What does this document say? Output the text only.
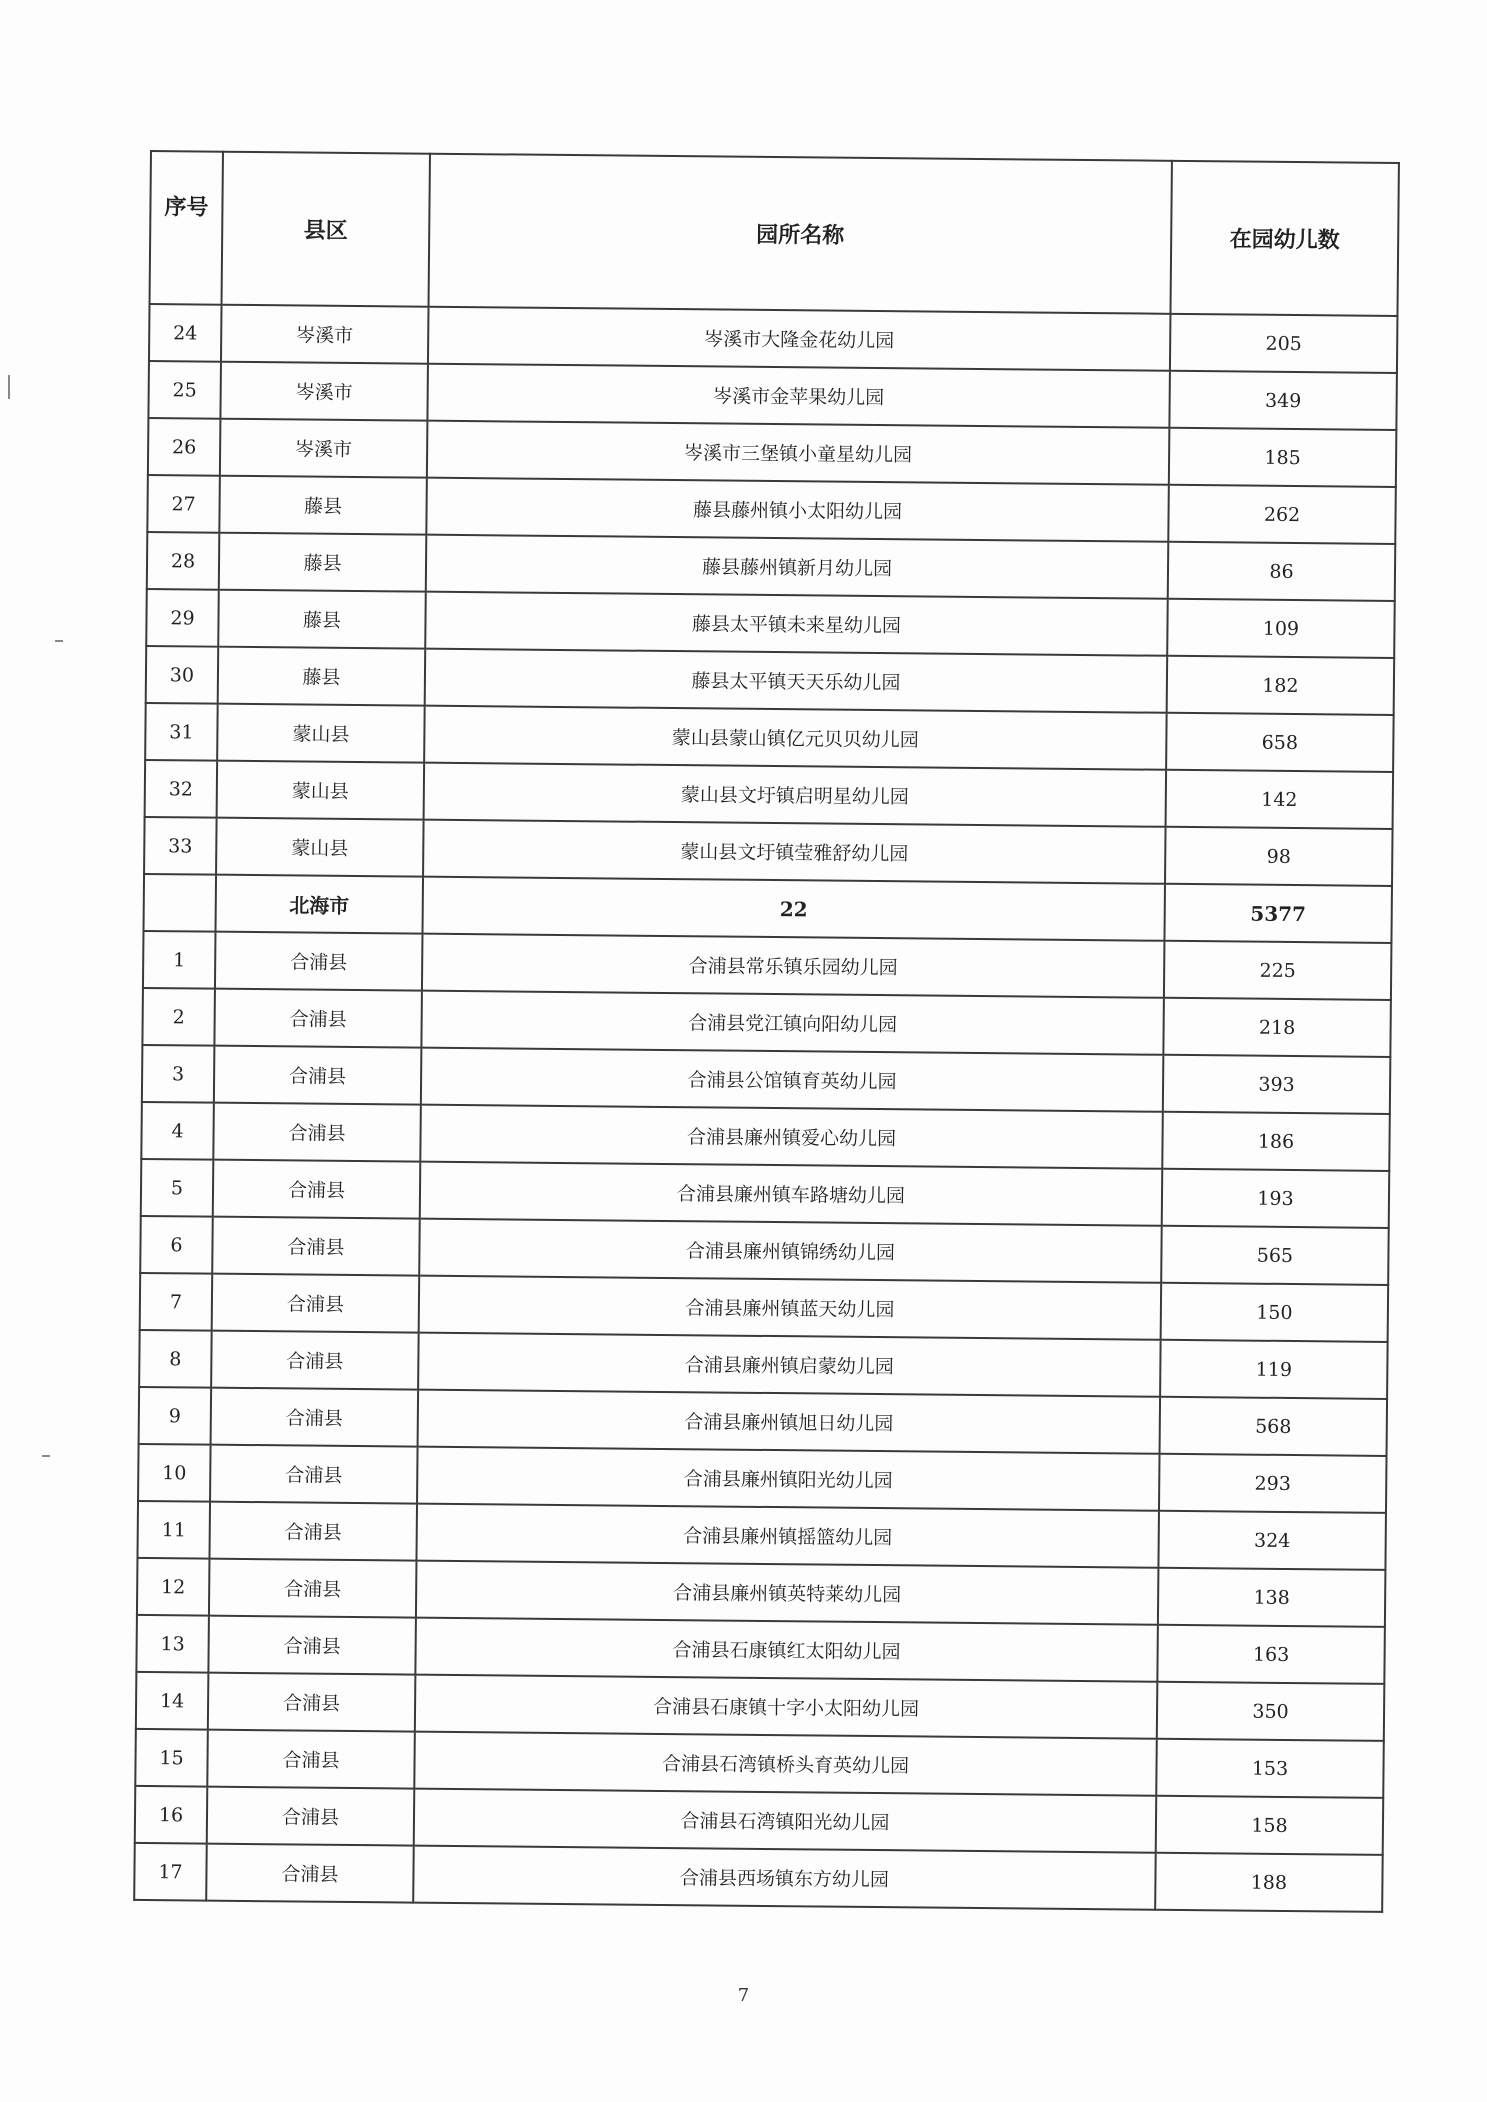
序号	县区	园所名称	在园幼儿数
24	岑溪市	岑溪市大隆金花幼儿园	205
25	岑溪市	岑溪市金苹果幼儿园	349
26	岑溪市	岑溪市三堡镇小童星幼儿园	185
27	藤县	藤县藤州镇小太阳幼儿园	262
28	藤县	藤县藤州镇新月幼儿园	86
29	藤县	藤县太平镇未来星幼儿园	109
30	藤县	藤县太平镇天天乐幼儿园	182
31	蒙山县	蒙山县蒙山镇亿元贝贝幼儿园	658
32	蒙山县	蒙山县文圩镇启明星幼儿园	142
33	蒙山县	蒙山县文圩镇莹雅舒幼儿园	98
	北海市	22	5377
1	合浦县	合浦县常乐镇乐园幼儿园	225
2	合浦县	合浦县党江镇向阳幼儿园	218
3	合浦县	合浦县公馆镇育英幼儿园	393
4	合浦县	合浦县廉州镇爱心幼儿园	186
5	合浦县	合浦县廉州镇车路塘幼儿园	193
6	合浦县	合浦县廉州镇锦绣幼儿园	565
7	合浦县	合浦县廉州镇蓝天幼儿园	150
8	合浦县	合浦县廉州镇启蒙幼儿园	119
9	合浦县	合浦县廉州镇旭日幼儿园	568
10	合浦县	合浦县廉州镇阳光幼儿园	293
11	合浦县	合浦县廉州镇摇篮幼儿园	324
12	合浦县	合浦县廉州镇英特莱幼儿园	138
13	合浦县	合浦县石康镇红太阳幼儿园	163
14	合浦县	合浦县石康镇十字小太阳幼儿园	350
15	合浦县	合浦县石湾镇桥头育英幼儿园	153
16	合浦县	合浦县石湾镇阳光幼儿园	158
17	合浦县	合浦县西场镇东方幼儿园	188
7
